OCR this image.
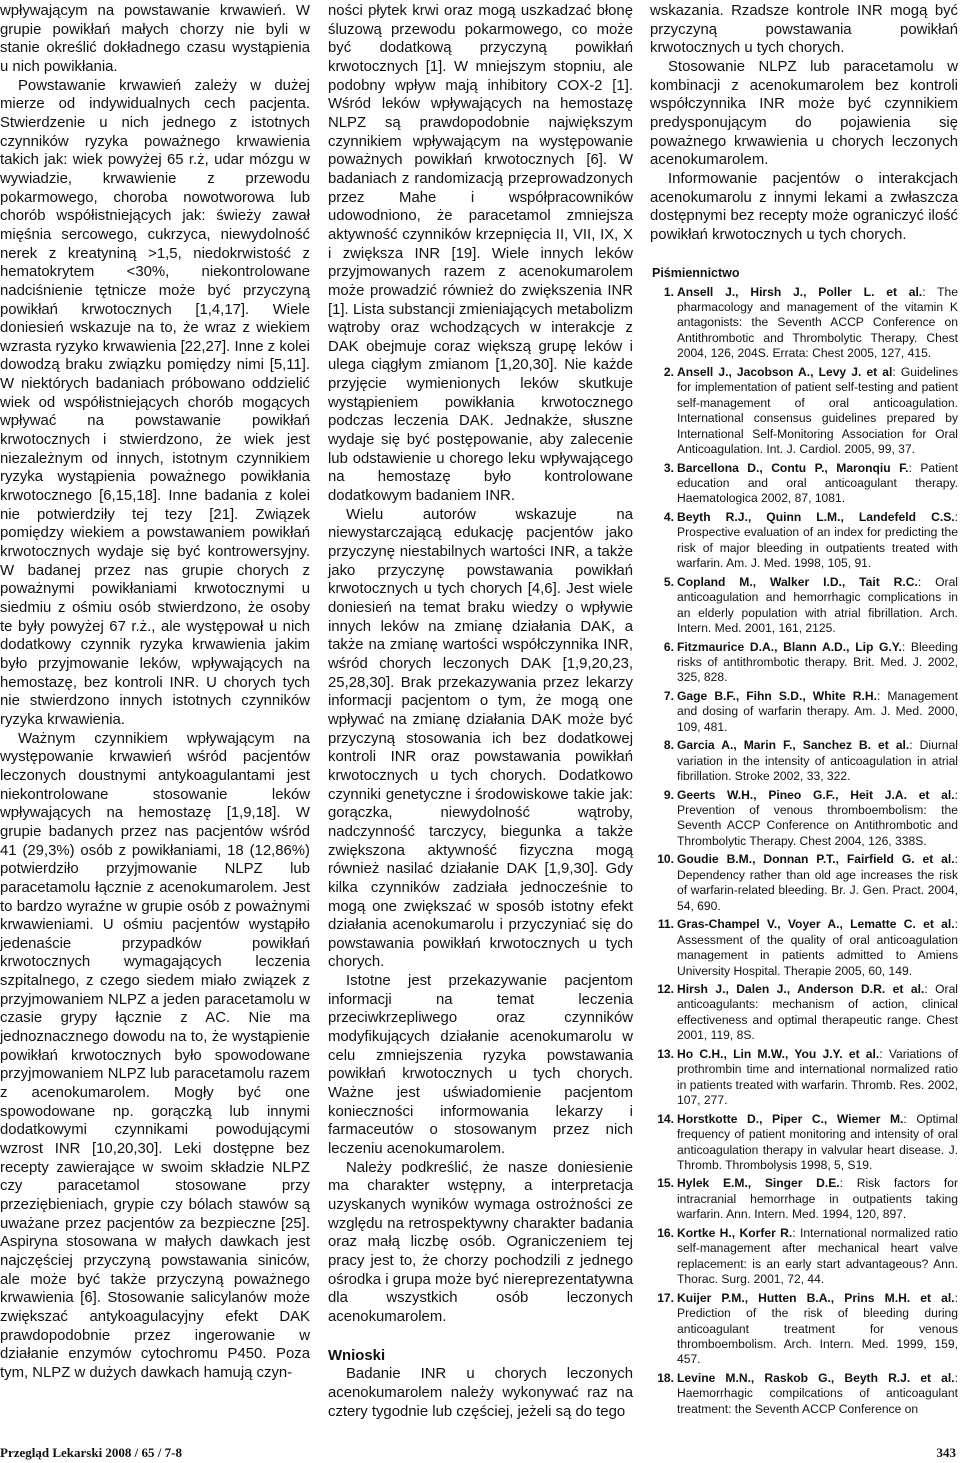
wpływającym na powstawanie krwawień. W grupie powikłań małych chorzy nie byli w stanie określić dokładnego czasu wystąpienia u nich powikłania.

Powstawanie krwawień zależy w dużej mierze od indywidualnych cech pacjenta. Stwierdzenie u nich jednego z istotnych czynników ryzyka poważnego krwawienia takich jak: wiek powyżej 65 r.ż, udar mózgu w wywiadzie, krwawienie z przewodu pokarmowego, choroba nowotworowa lub chorób współistniejących jak: świeży zawał mięśnia sercowego, cukrzyca, niewydolność nerek z kreatyniną >1,5, niedokrwistość z hematokrytem <30%, niekontrolowane nadciśnienie tętnicze może być przyczyną powikłań krwotocznych [1,4,17]. Wiele doniesień wskazuje na to, że wraz z wiekiem wzrasta ryzyko krwawienia [22,27]. Inne z kolei dowodzą braku związku pomiędzy nimi [5,11]. W niektórych badaniach próbowano oddzielić wiek od współistniejących chorób mogących wpływać na powstawanie powikłań krwotocznych i stwierdzono, że wiek jest niezależnym od innych, istotnym czynnikiem ryzyka wystąpienia poważnego powikłania krwotocznego [6,15,18]. Inne badania z kolei nie potwierdziły tej tezy [21]. Związek pomiędzy wiekiem a powstawaniem powikłań krwotocznych wydaje się być kontrowersyjny. W badanej przez nas grupie chorych z poważnymi powikłaniami krwotocznymi u siedmiu z ośmiu osób stwierdzono, że osoby te były powyżej 67 r.ż., ale występował u nich dodatkowy czynnik ryzyka krwawienia jakim było przyjmowanie leków, wpływających na hemostazę, bez kontroli INR. U chorych tych nie stwierdzono innych istotnych czynników ryzyka krwawienia.

Ważnym czynnikiem wpływającym na występowanie krwawień wśród pacjentów leczonych doustnymi antykoagulantami jest niekontrolowane stosowanie leków wpływających na hemostazę [1,9,18]. W grupie badanych przez nas pacjentów wśród 41 (29,3%) osób z powikłaniami, 18 (12,86%) potwierdziło przyjmowanie NLPZ lub paracetamolu łącznie z acenokumarolem. Jest to bardzo wyraźne w grupie osób z poważnymi krwawieniami. U ośmiu pacjentów wystąpiło jedenaście przypadków powikłań krwotocznych wymagających leczenia szpitalnego, z czego siedem miało związek z przyjmowaniem NLPZ a jeden paracetamolu w czasie grypy łącznie z AC. Nie ma jednoznacznego dowodu na to, że wystąpienie powikłań krwotocznych było spowodowane przyjmowaniem NLPZ lub paracetamolu razem z acenokumarolem. Mogły być one spowodowane np. gorączką lub innymi dodatkowymi czynnikami powodującymi wzrost INR [10,20,30]. Leki dostępne bez recepty zawierające w swoim składzie NLPZ czy paracetamol stosowane przy przeziębieniach, grypie czy bólach stawów są uważane przez pacjentów za bezpieczne [25]. Aspiryna stosowana w małych dawkach jest najczęściej przyczyną powstawania siniców, ale może być także przyczyną poważnego krwawienia [6]. Stosowanie salicylanów może zwiększać antykoagulacyjny efekt DAK prawdopodobnie przez ingerowanie w działanie enzymów cytochromu P450. Poza tym, NLPZ w dużych dawkach hamują czyn-

ności płytek krwi oraz mogą uszkadzać błonę śluzową przewodu pokarmowego, co może być dodatkową przyczyną powikłań krwotocznych [1]. W mniejszym stopniu, ale podobny wpływ mają inhibitory COX-2 [1]. Wśród leków wpływających na hemostazę NLPZ są prawdopodobnie największym czynnikiem wpływającym na występowanie poważnych powikłań krwotocznych [6]. W badaniach z randomizacją przeprowadzonych przez Mahe i współpracowników udowodniono, że paracetamol zmniejsza aktywność czynników krzepnięcia II, VII, IX, X i zwiększa INR [19]. Wiele innych leków przyjmowanych razem z acenokumarolem może prowadzić również do zwiększenia INR [1]. Lista substancji zmieniających metabolizm wątroby oraz wchodzących w interakcje z DAK obejmuje coraz większą grupę leków i ulega ciągłym zmianom [1,20,30]. Nie każde przyjęcie wymienionych leków skutkuje wystąpieniem powikłania krwotocznego podczas leczenia DAK. Jednakże, słuszne wydaje się być postępowanie, aby zalecenie lub odstawienie u chorego leku wpływającego na hemostazę było kontrolowane dodatkowym badaniem INR.

Wielu autorów wskazuje na niewystarczającą edukację pacjentów jako przyczynę niestabilnych wartości INR, a także jako przyczynę powstawania powikłań krwotocznych u tych chorych [4,6]. Jest wiele doniesień na temat braku wiedzy o wpływie innych leków na zmianę działania DAK, a także na zmianę wartości współczynnika INR, wśród chorych leczonych DAK [1,9,20,23, 25,28,30]. Brak przekazywania przez lekarzy informacji pacjentom o tym, że mogą one wpływać na zmianę działania DAK może być przyczyną stosowania ich bez dodatkowej kontroli INR oraz powstawania powikłań krwotocznych u tych chorych. Dodatkowo czynniki genetyczne i środowiskowe takie jak: gorączka, niewydolność wątroby, nadczynność tarczycy, biegunka a także zwiększona aktywność fizyczna mogą również nasilać działanie DAK [1,9,30]. Gdy kilka czynników zadziała jednocześnie to mogą one zwiększać w sposób istotny efekt działania acenokumarolu i przyczyniać się do powstawania powikłań krwotocznych u tych chorych.

Istotne jest przekazywanie pacjentom informacji na temat leczenia przeciwkrzepliwego oraz czynników modyfikujących działanie acenokumarolu w celu zmniejszenia ryzyka powstawania powikłań krwotocznych u tych chorych. Ważne jest uświadomienie pacjentom konieczności informowania lekarzy i farmaceutów o stosowanym przez nich leczeniu acenokumarolem.

Należy podkreślić, że nasze doniesienie ma charakter wstępny, a interpretacja uzyskanych wyników wymaga ostrożności ze względu na retrospektywny charakter badania oraz małą liczbę osób. Ograniczeniem tej pracy jest to, że chorzy pochodzili z jednego ośrodka i grupa może być niereprezentatywna dla wszystkich osób leczonych acenokumarolem.

Wnioski

Badanie INR u chorych leczonych acenokumarolem należy wykonywać raz na cztery tygodnie lub częściej, jeżeli są do tego

wskazania. Rzadsze kontrole INR mogą być przyczyną powstawania powikłań krwotocznych u tych chorych.

Stosowanie NLPZ lub paracetamolu w kombinacji z acenokumarolem bez kontroli współczynnika INR może być czynnikiem predysponującym do pojawienia się poważnego krwawienia u chorych leczonych acenokumarolem.

Informowanie pacjentów o interakcjach acenokumarolu z innymi lekami a zwłaszcza dostępnymi bez recepty może ograniczyć ilość powikłań krwotocznych u tych chorych.

Piśmiennictwo

1. Ansell J., Hirsh J., Poller L. et al.: The pharmacology and management of the vitamin K antagonists: the Seventh ACCP Conference on Antithrombotic and Thrombolytic Therapy. Chest 2004, 126, 204S. Errata: Chest 2005, 127, 415.
2. Ansell J., Jacobson A., Levy J. et al: Guidelines for implementation of patient self-testing and patient self-management of oral anticoagulation. International consensus guidelines prepared by International Self-Monitoring Association for Oral Anticoagulation. Int. J. Cardiol. 2005, 99, 37.
3. Barcellona D., Contu P., Maronqiu F.: Patient education and oral anticoagulant therapy. Haematologica 2002, 87, 1081.
4. Beyth R.J., Quinn L.M., Landefeld C.S.: Prospective evaluation of an index for predicting the risk of major bleeding in outpatients treated with warfarin. Am. J. Med. 1998, 105, 91.
5. Copland M., Walker I.D., Tait R.C.: Oral anticoagulation and hemorrhagic complications in an elderly population with atrial fibrillation. Arch. Intern. Med. 2001, 161, 2125.
6. Fitzmaurice D.A., Blann A.D., Lip G.Y.: Bleeding risks of antithrombotic therapy. Brit. Med. J. 2002, 325, 828.
7. Gage B.F., Fihn S.D., White R.H.: Management and dosing of warfarin therapy. Am. J. Med. 2000, 109, 481.
8. Garcia A., Marin F., Sanchez B. et al.: Diurnal variation in the intensity of anticoagulation in atrial fibrillation. Stroke 2002, 33, 322.
9. Geerts W.H., Pineo G.F., Heit J.A. et al.: Prevention of venous thromboembolism: the Seventh ACCP Conference on Antithrombotic and Thrombolytic Therapy. Chest 2004, 126, 338S.
10. Goudie B.M., Donnan P.T., Fairfield G. et al.: Dependency rather than old age increases the risk of warfarin-related bleeding. Br. J. Gen. Pract. 2004, 54, 690.
11. Gras-Champel V., Voyer A., Lematte C. et al.: Assessment of the quality of oral anticoagulation management in patients admitted to Amiens University Hospital. Therapie 2005, 60, 149.
12. Hirsh J., Dalen J., Anderson D.R. et al.: Oral anticoagulants: mechanism of action, clinical effectiveness and optimal therapeutic range. Chest 2001, 119, 8S.
13. Ho C.H., Lin M.W., You J.Y. et al.: Variations of prothrombin time and international normalized ratio in patients treated with warfarin. Thromb. Res. 2002, 107, 277.
14. Horstkotte D., Piper C., Wiemer M.: Optimal frequency of patient monitoring and intensity of oral anticoagulation therapy in valvular heart disease. J. Thromb. Thrombolysis 1998, 5, S19.
15. Hylek E.M., Singer D.E.: Risk factors for intracranial hemorrhage in outpatients taking warfarin. Ann. Intern. Med. 1994, 120, 897.
16. Kortke H., Korfer R.: International normalized ratio self-management after mechanical heart valve replacement: is an early start advantageous? Ann. Thorac. Surg. 2001, 72, 44.
17. Kuijer P.M., Hutten B.A., Prins M.H. et al.: Prediction of the risk of bleeding during anticoagulant treatment for venous thromboembolism. Arch. Intern. Med. 1999, 159, 457.
18. Levine M.N., Raskob G., Beyth R.J. et al.: Haemorrhagic compilcations of anticoagulant treatment: the Seventh ACCP Conference on
Przegląd Lekarski 2008 / 65 / 7-8	343
